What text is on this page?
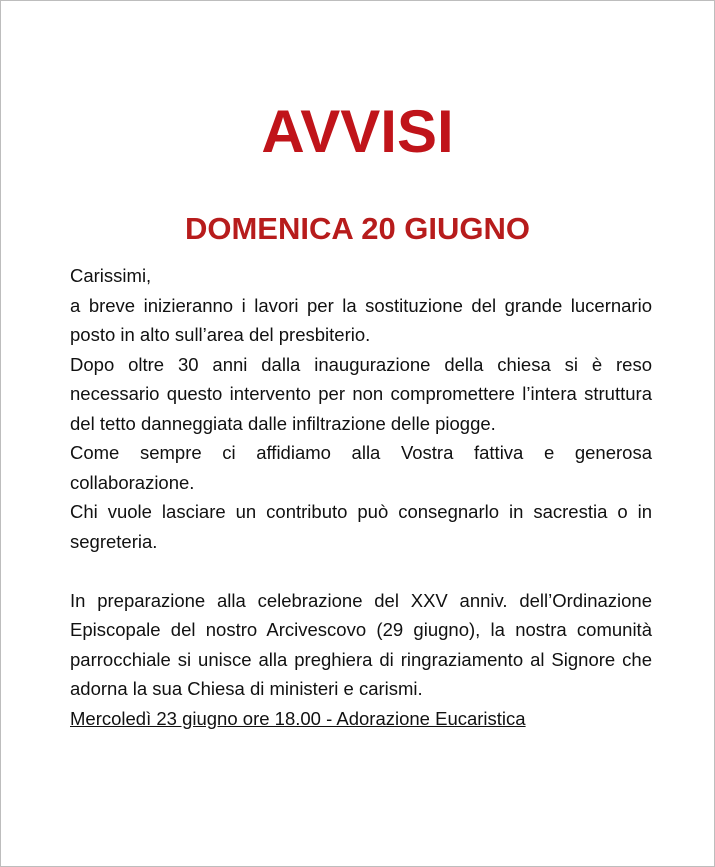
AVVISI
DOMENICA 20 GIUGNO

Carissimi,

a breve inizieranno i lavori per la sostituzione del grande lucernario posto in alto sull’area del presbiterio.

Dopo oltre 30 anni dalla inaugurazione della chiesa si è reso necessario questo intervento per non compromettere l’intera struttura del tetto danneggiata dalle infiltrazione delle piogge.

Come sempre ci affidiamo alla Vostra fattiva e generosa collaborazione.

Chi vuole lasciare un contributo può consegnarlo in sacrestia o in segreteria.

In preparazione alla celebrazione del XXV anniv. dell’Ordinazione Episcopale del nostro Arcivescovo (29 giugno), la nostra comunità parrocchiale si unisce alla preghiera di ringraziamento al Signore che adorna la sua Chiesa di ministeri e carismi.

Mercoledì 23 giugno ore 18.00 - Adorazione Eucaristica
